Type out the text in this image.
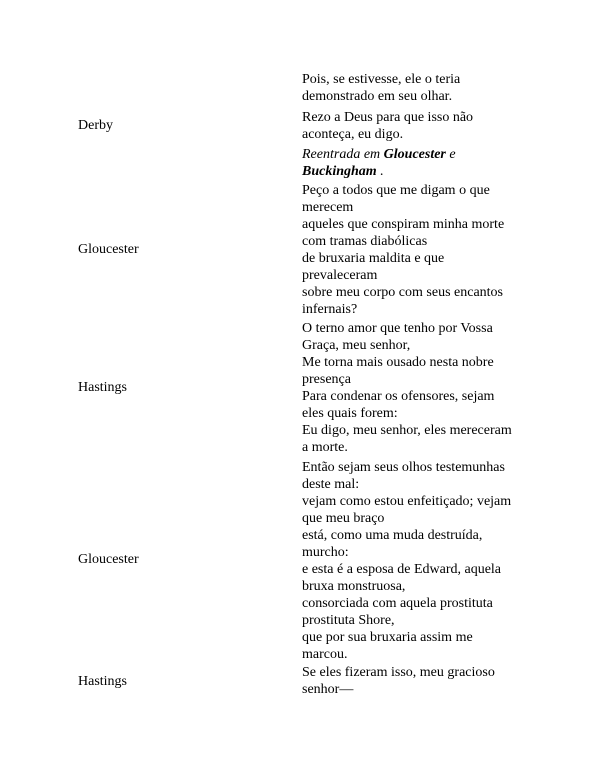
Pois, se estivesse, ele o teria
demonstrado em seu olhar.
Derby
Rezo a Deus para que isso não
aconteça, eu digo.
Reentrada em Gloucester e
Buckingham .
Gloucester
Peço a todos que me digam o que
merecem
aqueles que conspiram minha morte
com tramas diabólicas
de bruxaria maldita e que
prevaleceram
sobre meu corpo com seus encantos
infernais?
Hastings
O terno amor que tenho por Vossa
Graça, meu senhor,
Me torna mais ousado nesta nobre
presença
Para condenar os ofensores, sejam
eles quais forem:
Eu digo, meu senhor, eles mereceram
a morte.
Gloucester
Então sejam seus olhos testemunhas
deste mal:
vejam como estou enfeitiçado; vejam
que meu braço
está, como uma muda destruída,
murcho:
e esta é a esposa de Edward, aquela
bruxa monstruosa,
consorciada com aquela prostituta
prostituta Shore,
que por sua bruxaria assim me
marcou.
Hastings
Se eles fizeram isso, meu gracioso
senhor—
